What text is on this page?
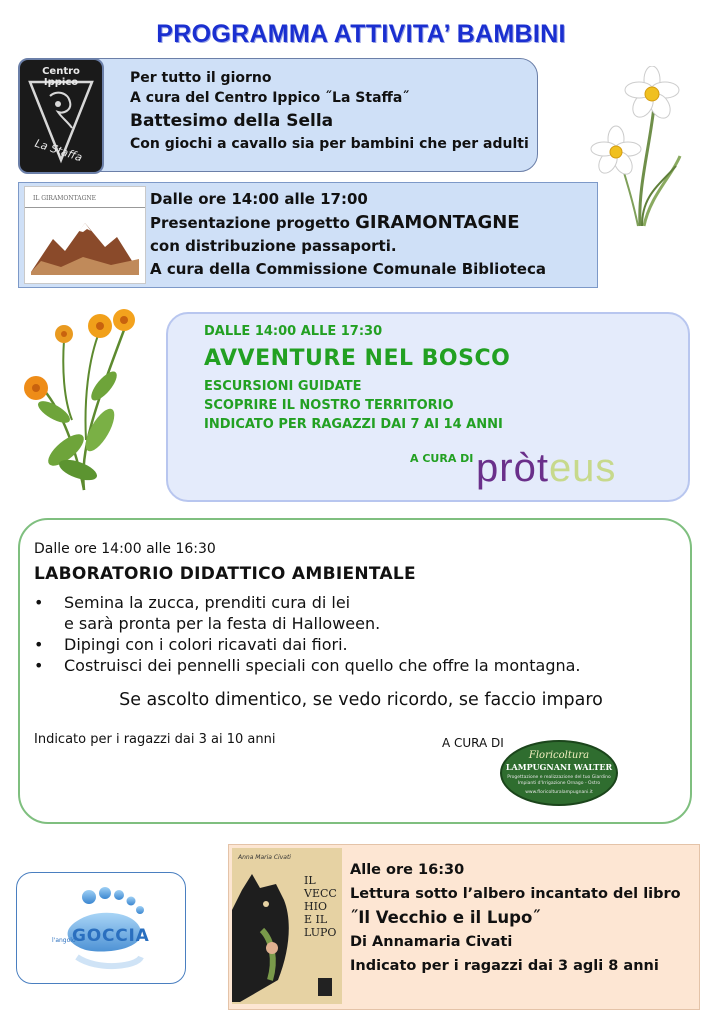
PROGRAMMA ATTIVITA’ BAMBINI
Centro Ippico
La Staffa
Per tutto il giorno
A cura del Centro Ippico ˝La Staffa˝
Battesimo della Sella
Con giochi a cavallo sia per bambini che per adulti
IL GIRAMONTAGNE	Dalle ore 14:00 alle 17:00
Presentazione progetto GIRAMONTAGNE
con distribuzione passaporti.
A cura della Commissione Comunale Biblioteca
DALLE 14:00 ALLE 17:30
AVVENTURE NEL BOSCO
ESCURSIONI GUIDATE
SCOPRIRE IL NOSTRO TERRITORIO
INDICATO PER RAGAZZI DAI 7 AI 14 ANNI
A CURA DI pròteus
Dalle ore 14:00 alle 16:30
LABORATORIO DIDATTICO AMBIENTALE
• Semina la zucca, prenditi cura di lei
e sarà pronta per la festa di Halloween.
• Dipingi con i colori ricavati dai fiori.
• Costruisci dei pennelli speciali con quello che offre la montagna.
Se ascolto dimentico, se vedo ricordo, se faccio imparo
Indicato per i ragazzi dai 3 ai 10 anni	A CURA DI
Floricoltura
LAMPUGNANI WALTER
Progettazione e realizzazione del tuo Giardino Impianti d'Irrigazione Ornago - Ostro
www.floricolturalampugnani.it
l'angolo
GOCCIA
Anna Maria Civati
IL VECCHIO E IL LUPO
Alle ore 16:30
Lettura sotto l’albero incantato del libro
˝Il Vecchio e il Lupo˝
Di Annamaria Civati
Indicato per i ragazzi dai 3 agli 8 anni
